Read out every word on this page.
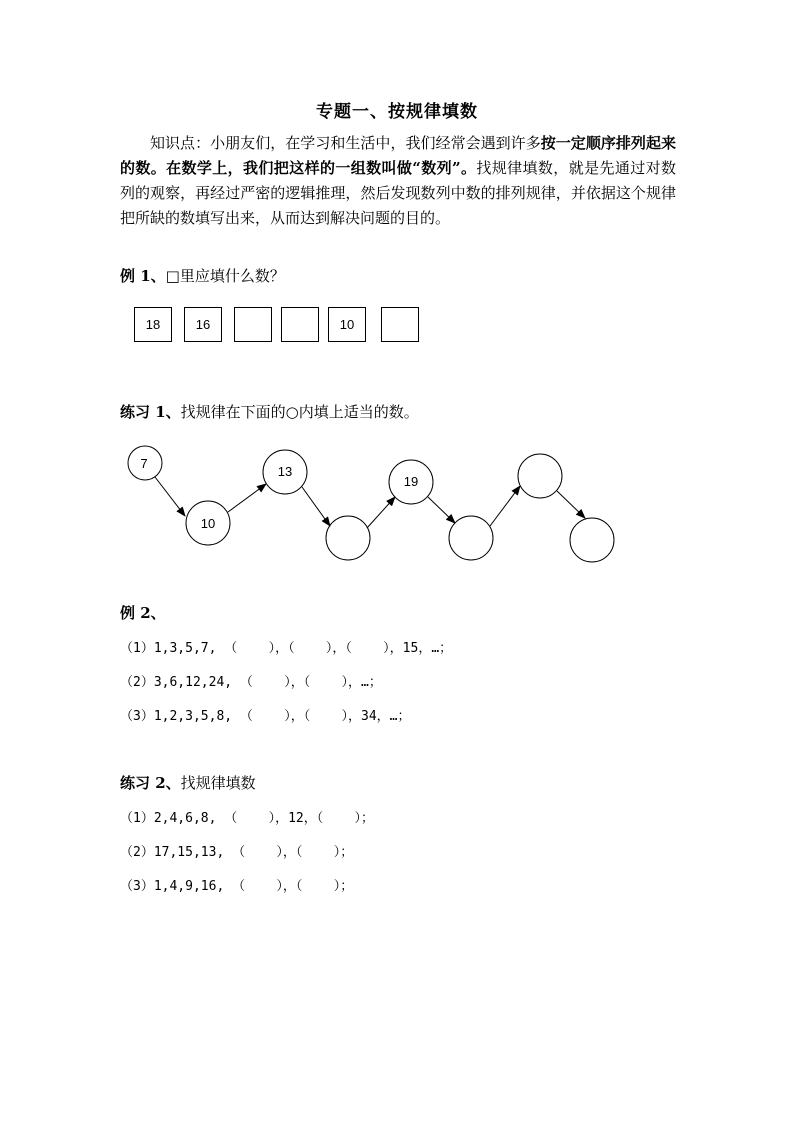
专题一、按规律填数
知识点：小朋友们，在学习和生活中，我们经常会遇到许多按一定顺序排列起来的数。在数学上，我们把这样的一组数叫做“数列”。找规律填数，就是先通过对数列的观察，再经过严密的逻辑推理，然后发现数列中数的排列规律，并依据这个规律把所缺的数填写出来，从而达到解决问题的目的。
例 1、□里应填什么数？
18	16	10
练习 1、找规律在下面的○内填上适当的数。
7
10
13
19
例 2、
（1）1,3,5,7, （    ），（    ），（    ），15，…；
（2）3,6,12,24, （    ），（    ），…；
（3）1,2,3,5,8, （    ），（    ），34，…；
练习 2、找规律填数
（1）2,4,6,8, （    ），12，（    ）；
（2）17,15,13, （    ），（    ）；
（3）1,4,9,16, （    ），（    ）；
